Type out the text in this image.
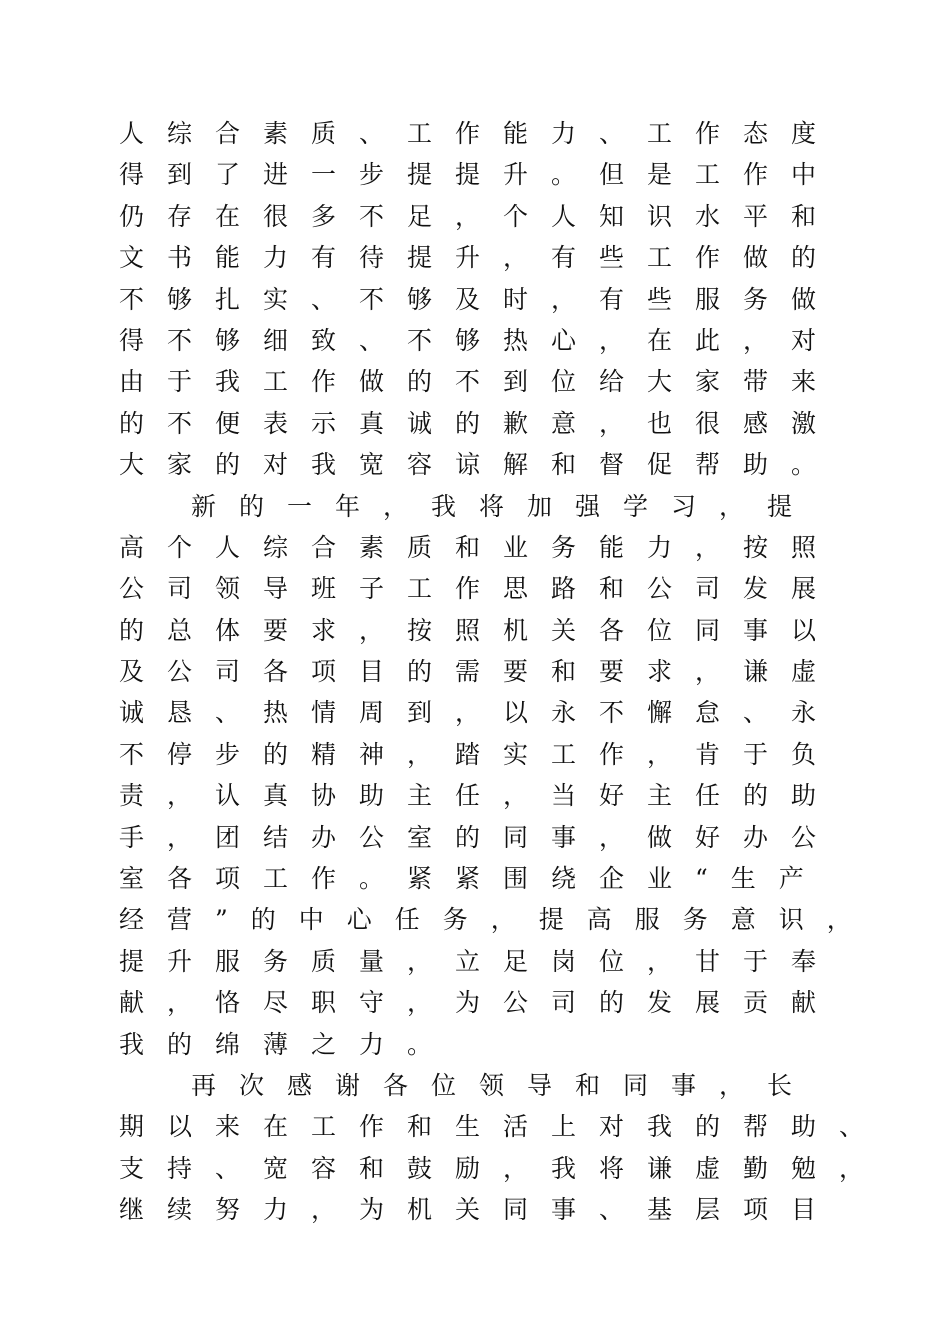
人综合素质、工作能力、工作态度
得到了进一步提提升。但是工作中
仍存在很多不足，个人知识水平和
文书能力有待提升，有些工作做的
不够扎实、不够及时，有些服务做
得不够细致、不够热心，在此，对
由于我工作做的不到位给大家带来
的不便表示真诚的歉意，也很感激
大家的对我宽容谅解和督促帮助。
新的一年，我将加强学习，提
高个人综合素质和业务能力，按照
公司领导班子工作思路和公司发展
的总体要求，按照机关各位同事以
及公司各项目的需要和要求，谦虚
诚恳、热情周到，以永不懈怠、永
不停步的精神，踏实工作，肯于负
责，认真协助主任，当好主任的助
手，团结办公室的同事，做好办公
室各项工作。紧紧围绕企业“生产
经营”的中心任务，提高服务意识，
提升服务质量，立足岗位，甘于奉
献，恪尽职守，为公司的发展贡献
我的绵薄之力。
再次感谢各位领导和同事，长
期以来在工作和生活上对我的帮助、
支持、宽容和鼓励，我将谦虚勤勉，
继续努力，为机关同事、基层项目
